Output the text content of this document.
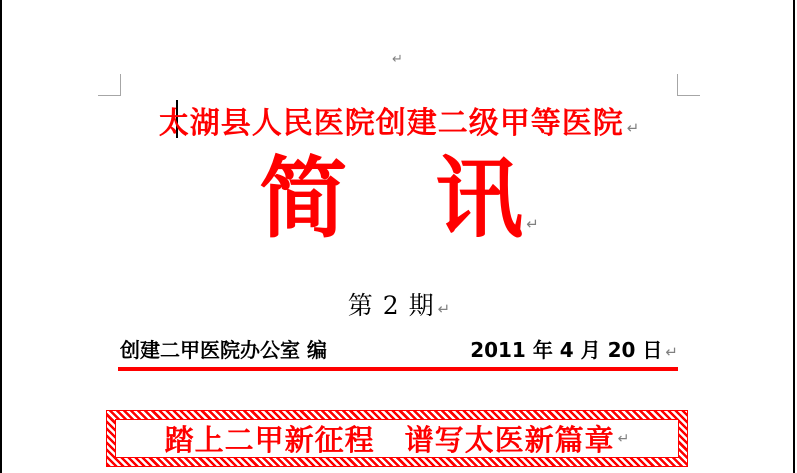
↵
太湖县人民医院创建二级甲等医院 ↵
简　讯 ↵
第 2 期 ↵
创建二甲医院办公室 编	2011 年 4 月 20 日 ↵
踏上二甲新征程　谱写太医新篇章 ↵
